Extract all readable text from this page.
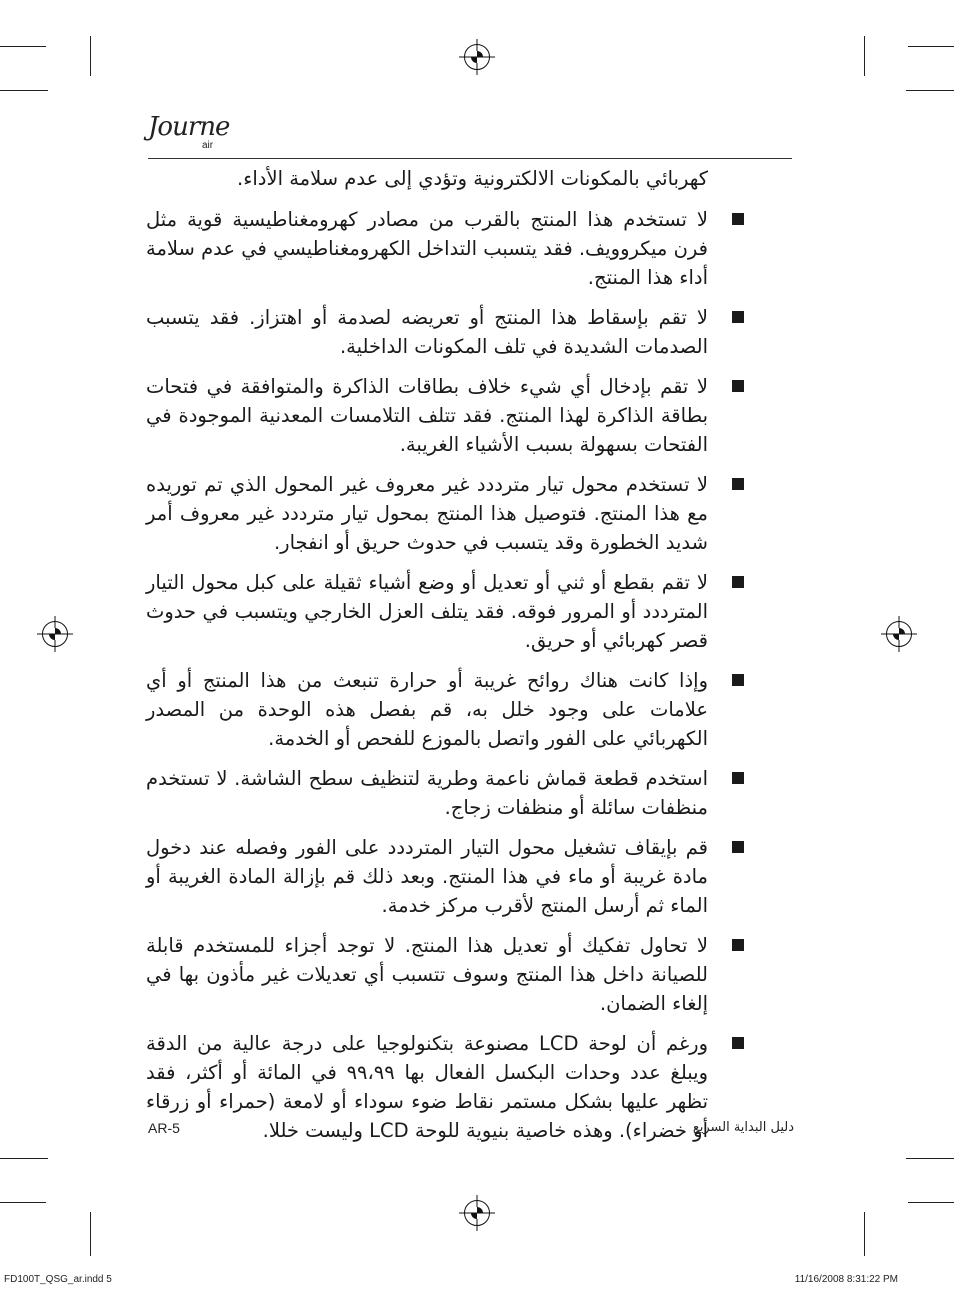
Journe
air

كهربائي بالمكونات الالكترونية وتؤدي إلى عدم سلامة الأداء.

لا تستخدم هذا المنتج بالقرب من مصادر كهرومغناطيسية قوية مثل فرن ميكروويف. فقد يتسبب التداخل الكهرومغناطيسي في عدم سلامة أداء هذا المنتج.
لا تقم بإسقاط هذا المنتج أو تعريضه لصدمة أو اهتزاز. فقد يتسبب الصدمات الشديدة في تلف المكونات الداخلية.
لا تقم بإدخال أي شيء خلاف بطاقات الذاكرة والمتوافقة في فتحات بطاقة الذاكرة لهذا المنتج. فقد تتلف التلامسات المعدنية الموجودة في الفتحات بسهولة بسبب الأشياء الغريبة.
لا تستخدم محول تيار مترددد غير معروف غير المحول الذي تم توريده مع هذا المنتج. فتوصيل هذا المنتج بمحول تيار مترددد غير معروف أمر شديد الخطورة وقد يتسبب في حدوث حريق أو انفجار.
لا تقم بقطع أو ثني أو تعديل أو وضع أشياء ثقيلة على كبل محول التيار المترددد أو المرور فوقه. فقد يتلف العزل الخارجي ويتسبب في حدوث قصر كهربائي أو حريق.
وإذا كانت هناك روائح غريبة أو حرارة تنبعث من هذا المنتج أو أي علامات على وجود خلل به، قم بفصل هذه الوحدة من المصدر الكهربائي على الفور واتصل بالموزع للفحص أو الخدمة.
استخدم قطعة قماش ناعمة وطرية لتنظيف سطح الشاشة. لا تستخدم منظفات سائلة أو منظفات زجاج.
قم بإيقاف تشغيل محول التيار المترددد على الفور وفصله عند دخول مادة غريبة أو ماء في هذا المنتج. وبعد ذلك قم بإزالة المادة الغريبة أو الماء ثم أرسل المنتج لأقرب مركز خدمة.
لا تحاول تفكيك أو تعديل هذا المنتج. لا توجد أجزاء للمستخدم قابلة للصيانة داخل هذا المنتج وسوف تتسبب أي تعديلات غير مأذون بها في إلغاء الضمان.
ورغم أن لوحة LCD مصنوعة بتكنولوجيا على درجة عالية من الدقة ويبلغ عدد وحدات البكسل الفعال بها ٩٩،٩٩ في المائة أو أكثر، فقد تظهر عليها بشكل مستمر نقاط ضوء سوداء أو لامعة (حمراء أو زرقاء أو خضراء). وهذه خاصية بنيوية للوحة LCD وليست خللا.
AR-5	دليل البداية السريع
FD100T_QSG_ar.indd 5	11/16/2008 8:31:22 PM
